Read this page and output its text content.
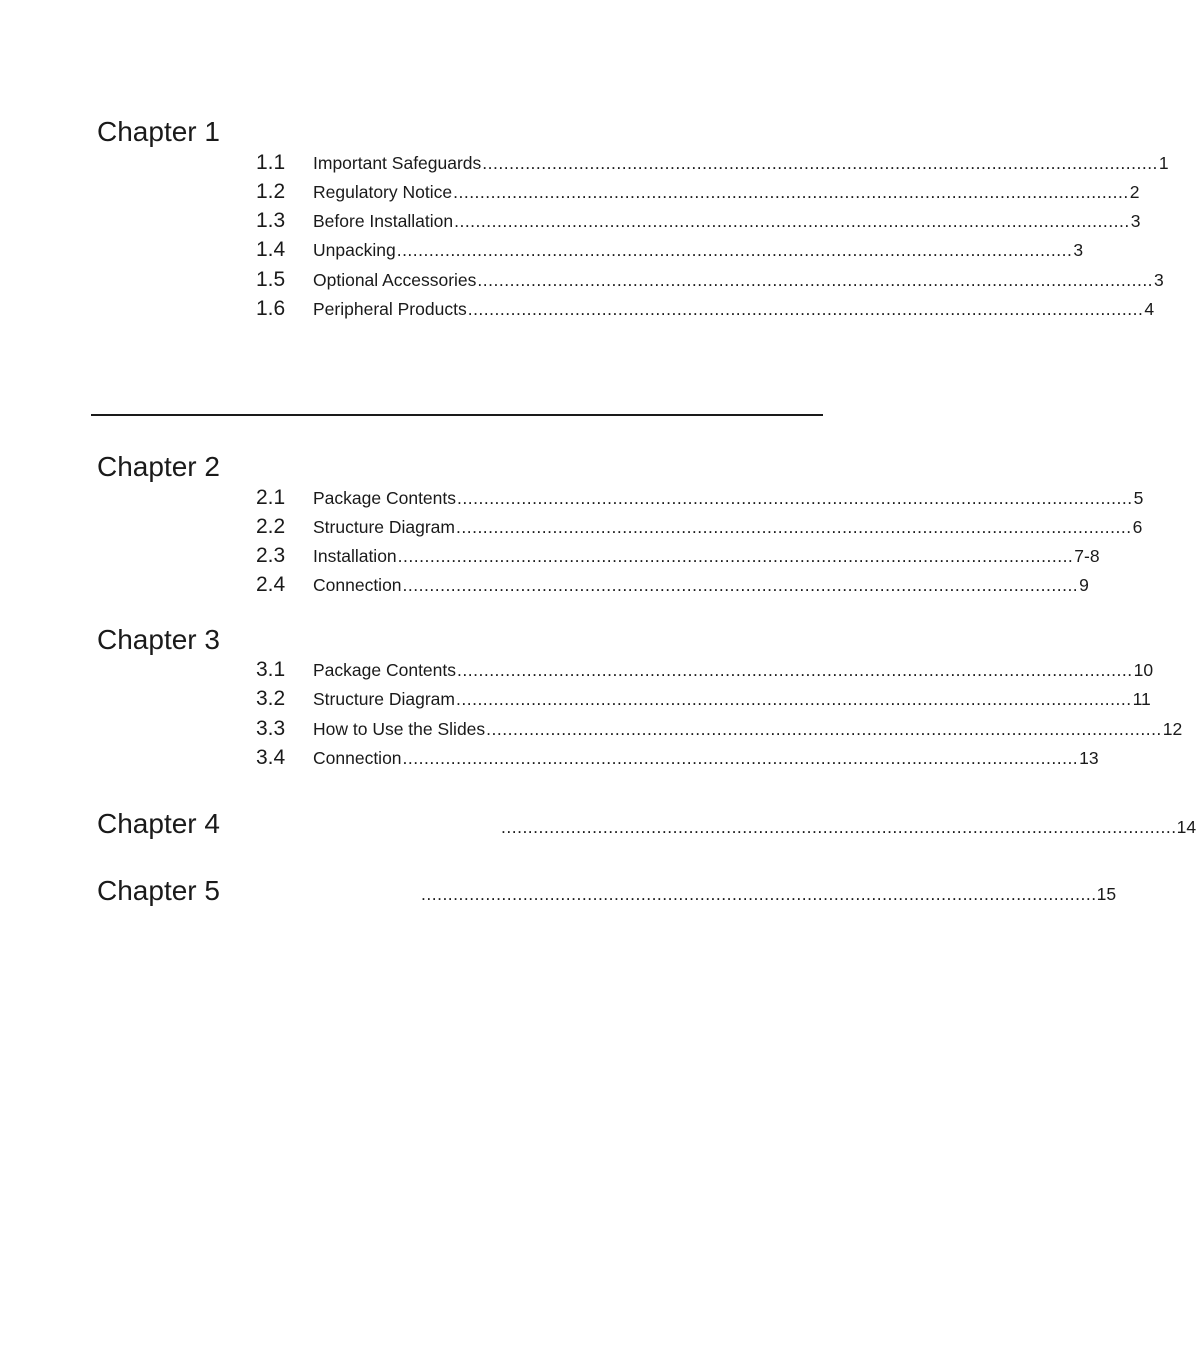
Chapter 1
1.1	Important Safeguards .............................................................................................................................. 1
1.2	Regulatory Notice .............................................................................................................................. 2
1.3	Before Installation .............................................................................................................................. 3
1.4	Unpacking .............................................................................................................................. 3
1.5	Optional Accessories .............................................................................................................................. 3
1.6	Peripheral Products .............................................................................................................................. 4
Chapter 2
2.1	Package Contents .............................................................................................................................. 5
2.2	Structure Diagram .............................................................................................................................. 6
2.3	Installation .............................................................................................................................. 7-8
2.4	Connection .............................................................................................................................. 9
Chapter 3
3.1	Package Contents .............................................................................................................................. 10
3.2	Structure Diagram .............................................................................................................................. 11
3.3	How to Use the Slides .............................................................................................................................. 12
3.4	Connection .............................................................................................................................. 13
Chapter 4	.............................................................................................................................. 14
Chapter 5	.............................................................................................................................. 15
